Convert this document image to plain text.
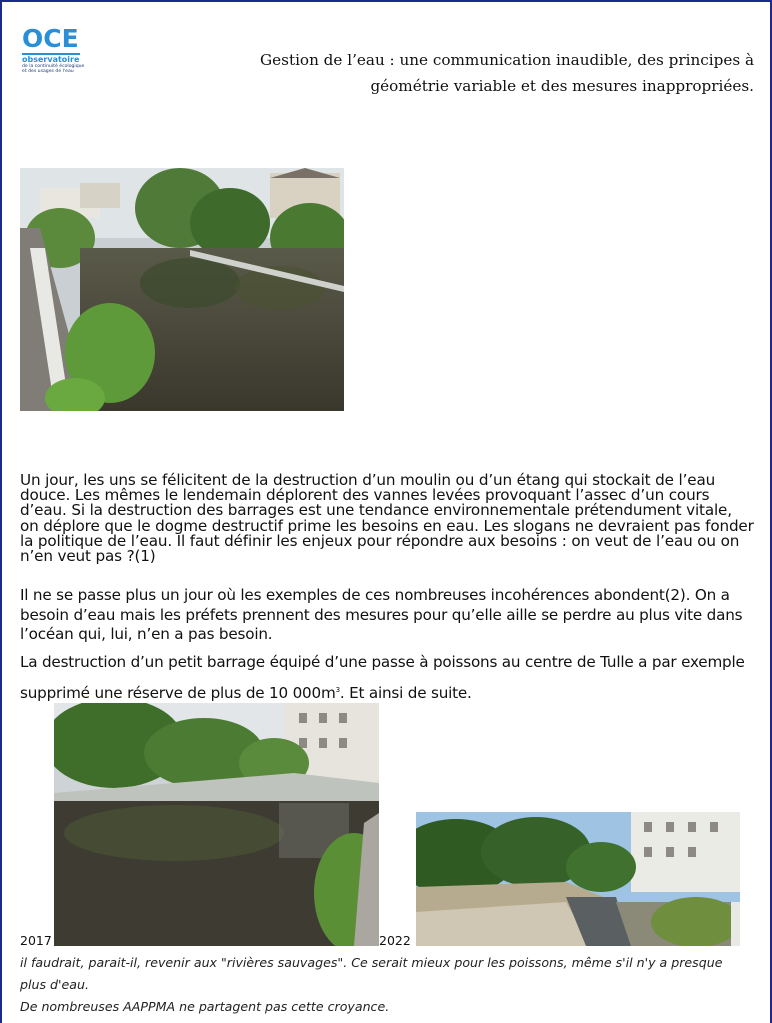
OCE
observatoire
de la continuité écologique
et des usages de l'eau
Gestion de l’eau : une communication inaudible, des principes à
géométrie variable et des mesures inappropriées.
Un jour, les uns se félicitent de la destruction d’un moulin ou d’un étang qui stockait de l’eau douce. Les mêmes le lendemain déplorent des vannes levées provoquant l’assec d’un cours d’eau. Si la destruction des barrages est une tendance environnementale prétendument vitale, on déplore que le dogme destructif prime les besoins en eau. Les slogans ne devraient pas fonder la politique de l’eau. Il faut définir les enjeux pour répondre aux besoins : on veut de l’eau ou on n’en veut pas ?(1)
Il ne se passe plus un jour où les exemples de ces nombreuses incohérences abondent(2). On a besoin d’eau mais les préfets prennent des mesures pour qu’elle aille se perdre au plus vite dans l’océan qui, lui, n’en a pas besoin.
La destruction d’un petit barrage équipé d’une passe à poissons au centre de Tulle a par exemple supprimé une réserve de plus de 10 $000m^3$. Et ainsi de suite.
2017	2022
il faudrait, parait-il, revenir aux "rivières sauvages". Ce serait mieux pour les poissons, même s'il n'y a presque plus d'eau.
De nombreuses AAPPMA ne partagent pas cette croyance.
